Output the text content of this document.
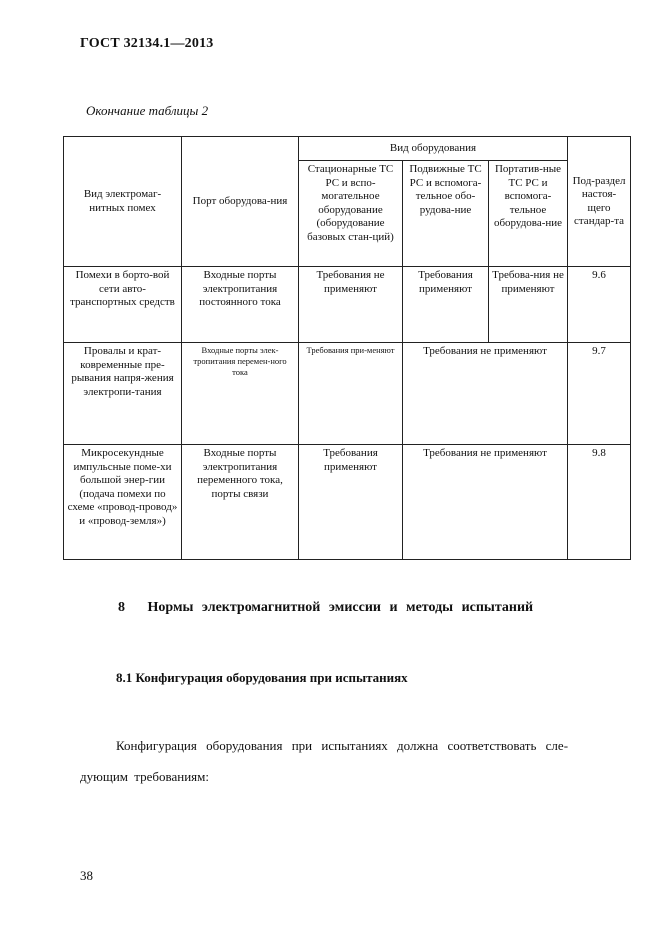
ГОСТ 32134.1—2013
Окончание таблицы 2
Вид электромаг-нитных помех	Порт оборудова-ния	Вид оборудования			Под-раздел настоя-щего стандар-та
		Стационарные ТС РС и вспо-могательное оборудование (оборудование базовых стан-ций)	Подвижные ТС РС и вспомога-тельное обо-рудова-ние	Портатив-ные ТС РС и вспомога-тельное оборудова-ние	
Помехи в борто-вой сети авто-транспортных средств	Входные порты электропитания постоянного тока	Требования не применяют	Требования применяют	Требова-ния не применяют	9.6
Провалы и крат-ковременные пре-рывания напря-жения электропи-тания	Входные порты элек-тропитания перемен-ного тока	Требования при-меняют	Требования не применяют		9.7
Микросекундные импульсные поме-хи большой энер-гии (подача помехи по схеме «провод-провод» и «провод-земля»)	Входные порты электропитания переменного тока, порты связи	Требования применяют	Требования не применяют		9.8
8 Нормы электромагнитной эмиссии и методы испытаний
8.1 Конфигурация оборудования при испытаниях
Конфигурация оборудования при испытаниях должна соответствовать сле-
дующим требованиям:
38
